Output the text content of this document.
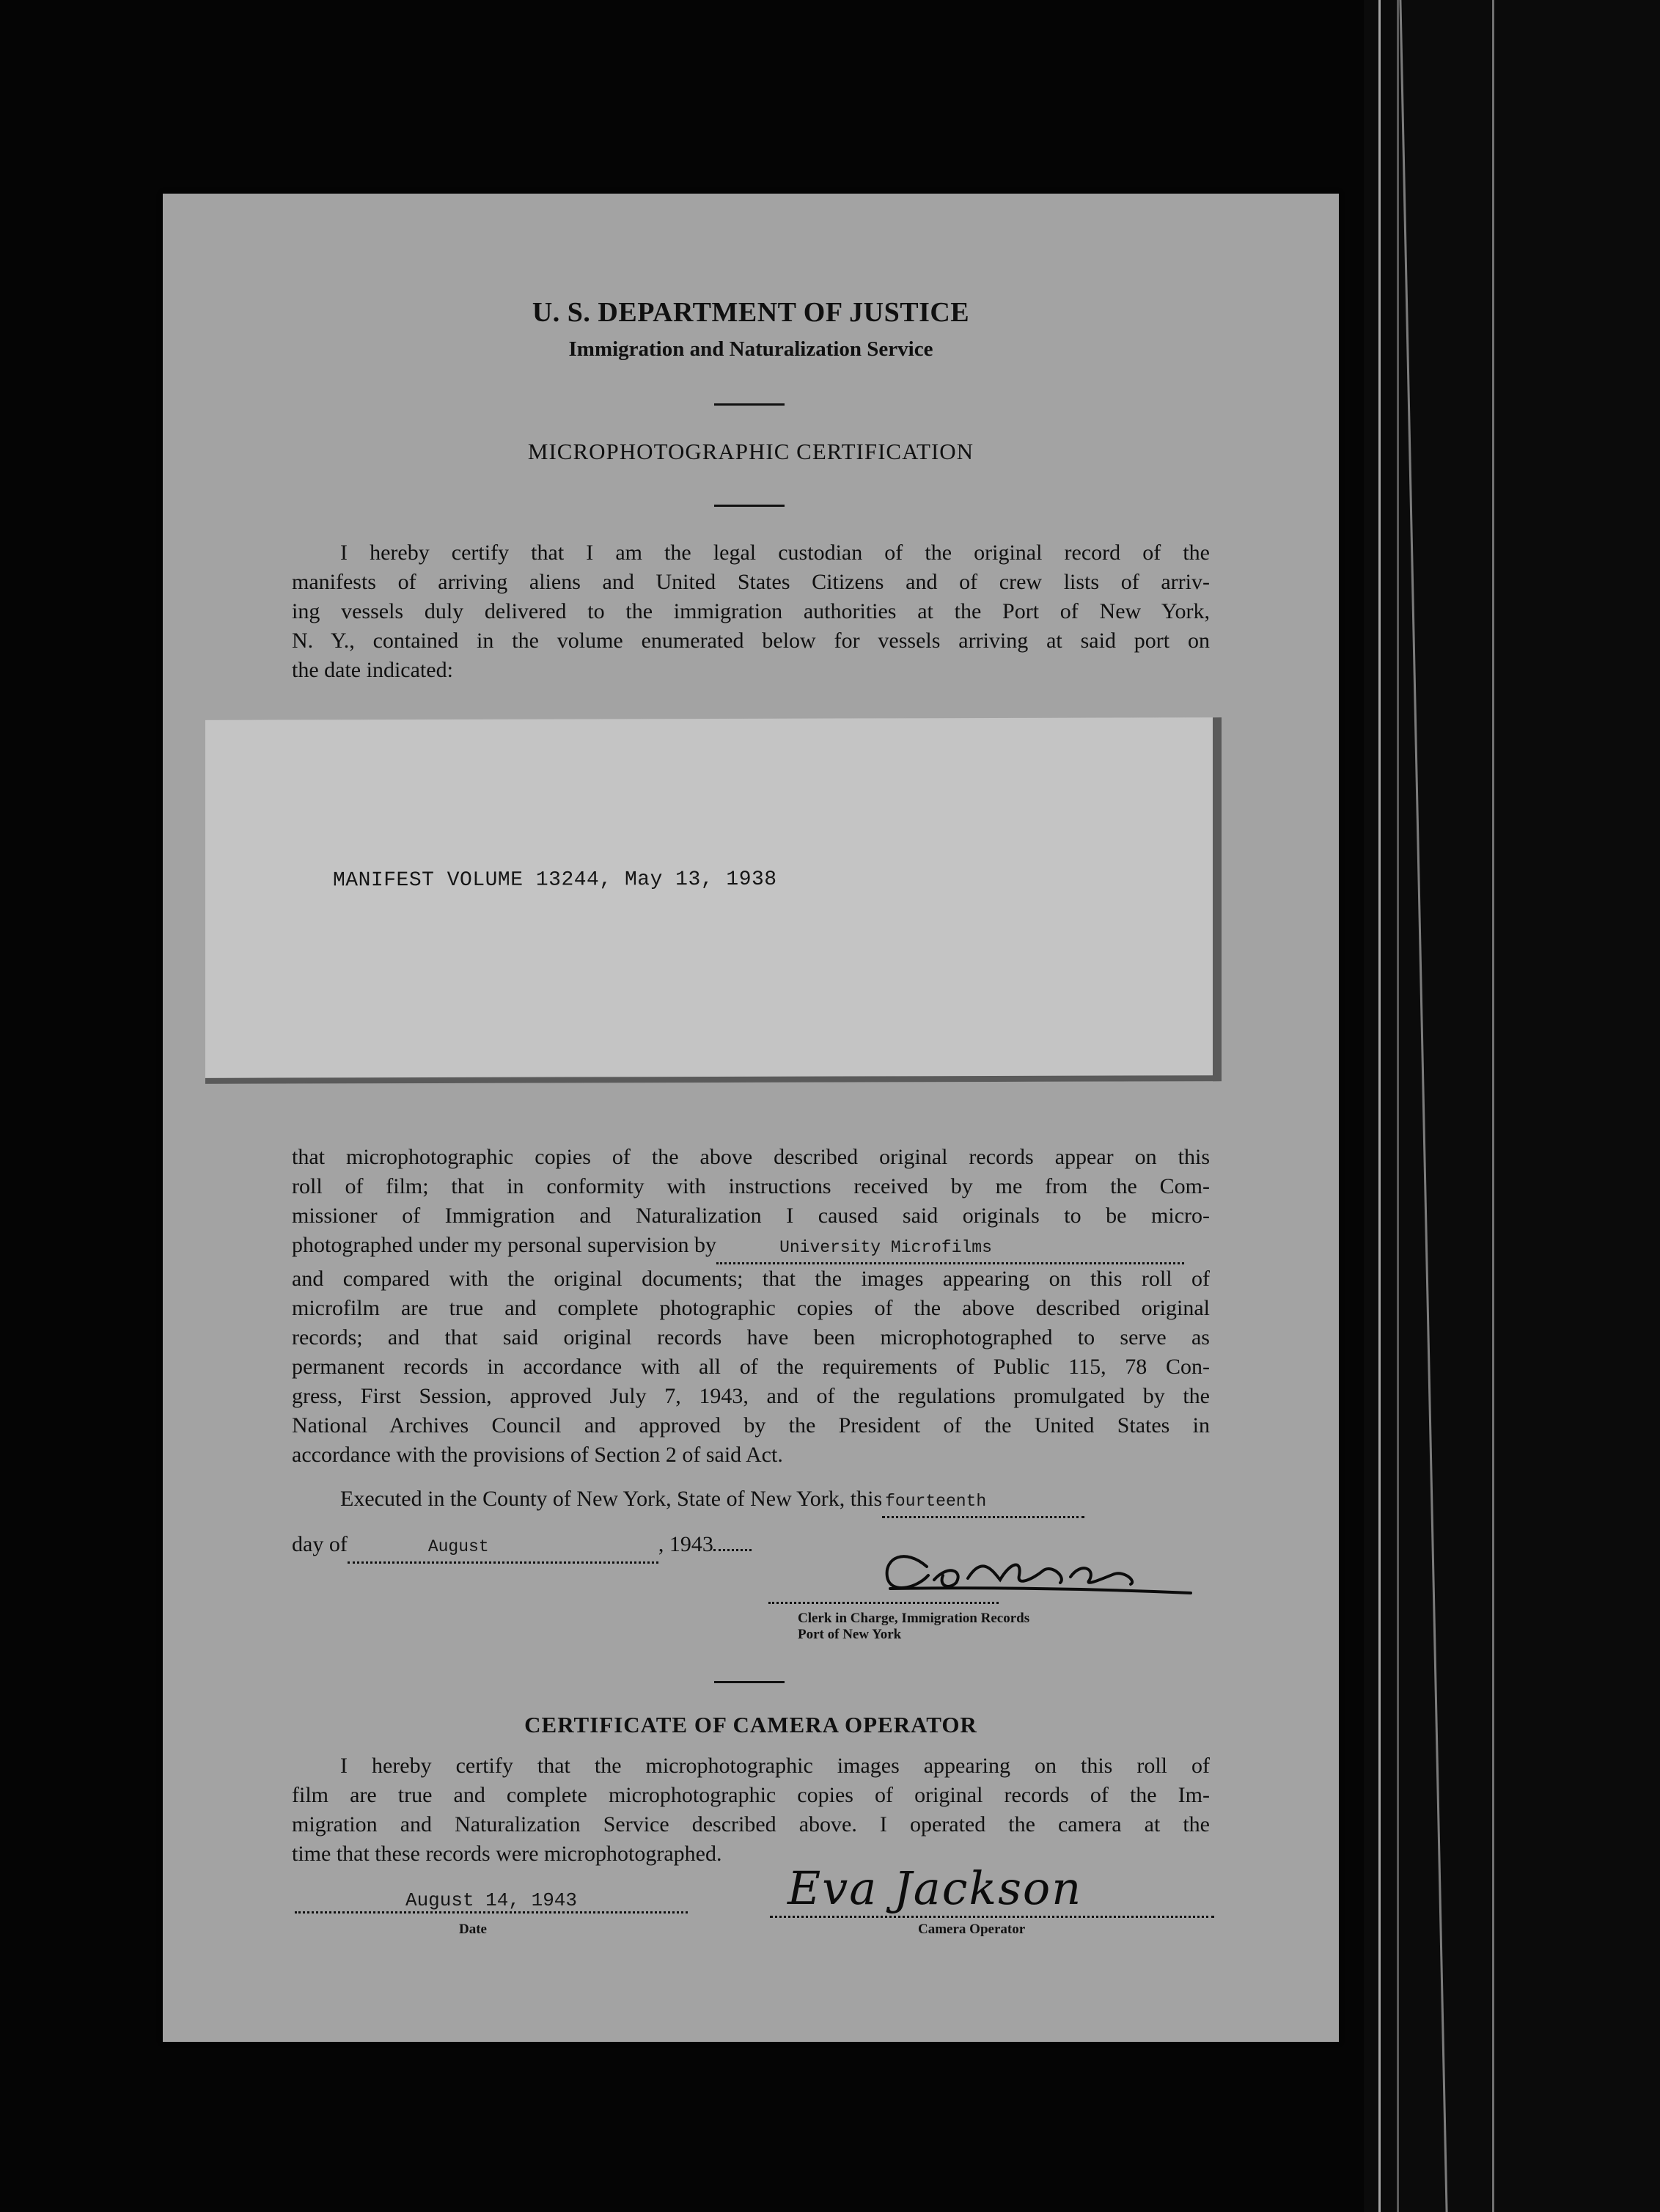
U. S. DEPARTMENT OF JUSTICE
Immigration and Naturalization Service
MICROPHOTOGRAPHIC CERTIFICATION
I hereby certify that I am the legal custodian of the original record of the
manifests of arriving aliens and United States Citizens and of crew lists of arriv-
ing vessels duly delivered to the immigration authorities at the Port of New York,
N. Y., contained in the volume enumerated below for vessels arriving at said port on
the date indicated:
MANIFEST VOLUME 13244, May 13, 1938
that microphotographic copies of the above described original records appear on this
roll of film; that in conformity with instructions received by me from the Com-
missioner of Immigration and Naturalization I caused said originals to be micro-
photographed under my personal supervision by	University Microfilms
and compared with the original documents; that the images appearing on this roll of
microfilm are true and complete photographic copies of the above described original
records; and that said original records have been microphotographed to serve as
permanent records in accordance with all of the requirements of Public 115, 78 Con-
gress, First Session, approved July 7, 1943, and of the regulations promulgated by the
National Archives Council and approved by the President of the United States in
accordance with the provisions of Section 2 of said Act.
Executed in the County of New York, State of New York, this fourteenth
day of	August	, 1943
Clerk in Charge, Immigration Records
Port of New York
CERTIFICATE OF CAMERA OPERATOR
I hereby certify that the microphotographic images appearing on this roll of
film are true and complete microphotographic copies of original records of the Im-
migration and Naturalization Service described above. I operated the camera at the
time that these records were microphotographed.
August 14, 1943
Date
Eva Jackson
Camera Operator
